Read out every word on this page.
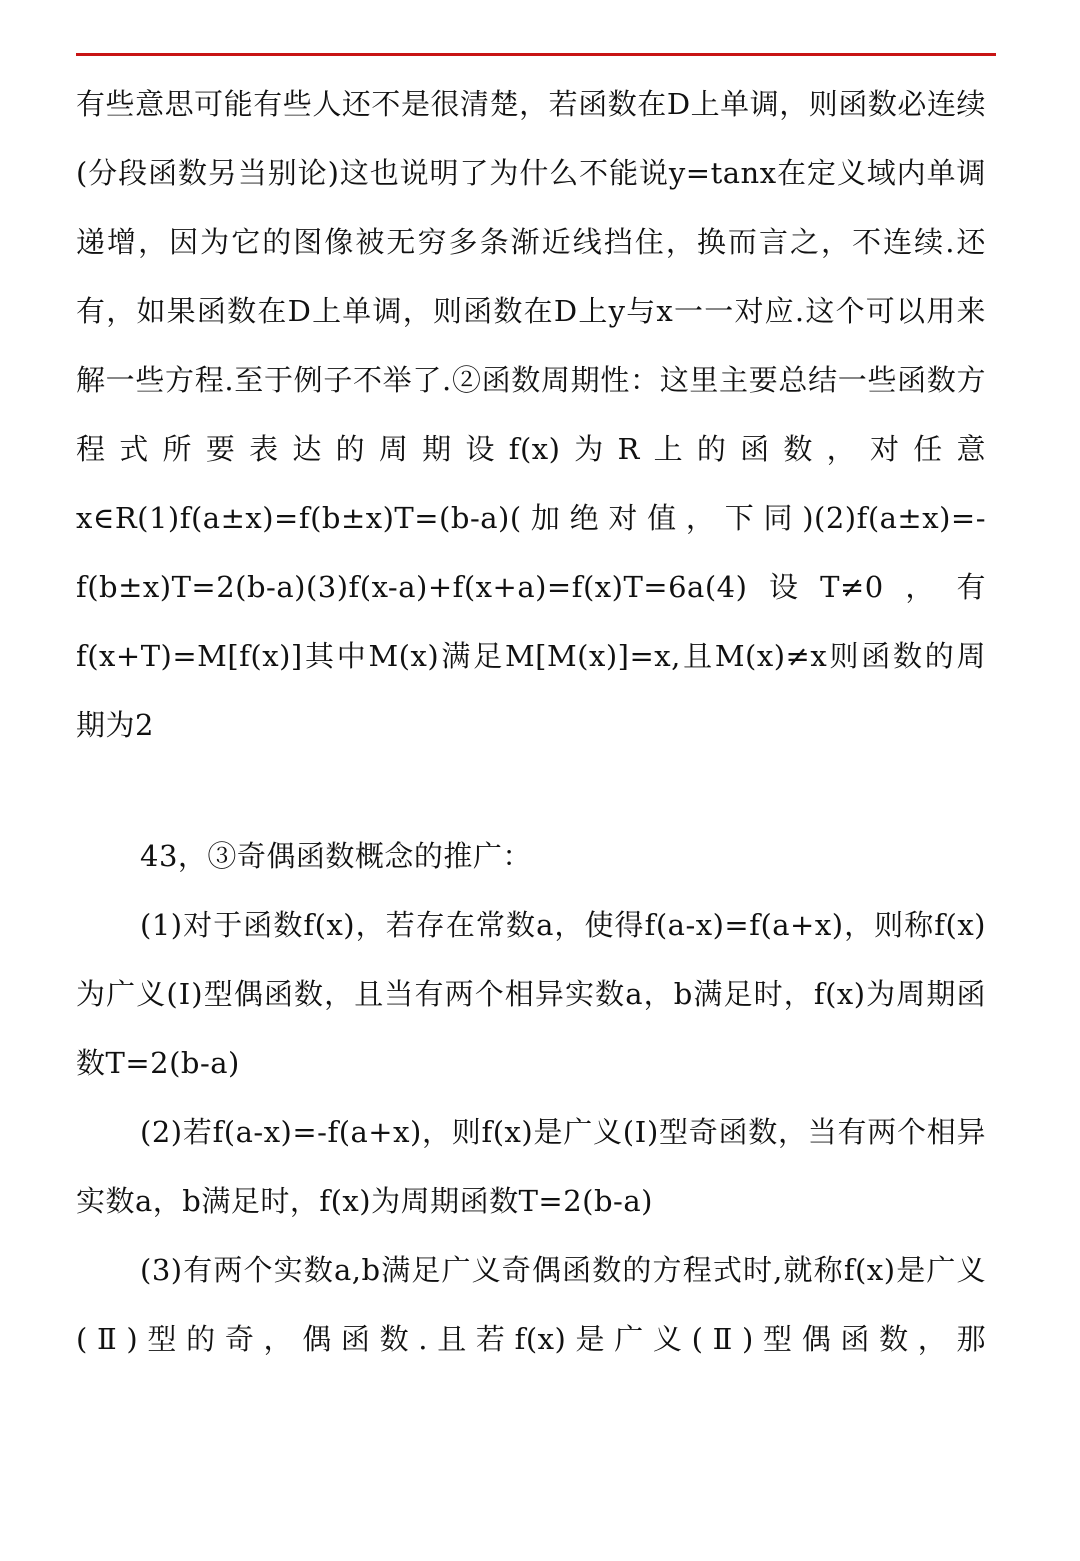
有些意思可能有些人还不是很清楚，若函数在D上单调，则函数必连续(分段函数另当别论)这也说明了为什么不能说y=tanx在定义域内单调递增，因为它的图像被无穷多条渐近线挡住，换而言之，不连续.还有，如果函数在D上单调，则函数在D上y与x一一对应.这个可以用来解一些方程.至于例子不举了.②函数周期性：这里主要总结一些函数方程式所要表达的周期设f(x)为R上的函数，对任意x∈R(1)f(a±x)=f(b±x)T=(b-a)(加绝对值，下同)(2)f(a±x)=-f(b±x)T=2(b-a)(3)f(x-a)+f(x+a)=f(x)T=6a(4)设T≠0，有f(x+T)=M[f(x)]其中M(x)满足M[M(x)]=x,且M(x)≠x则函数的周期为2

43，③奇偶函数概念的推广：

(1)对于函数f(x)，若存在常数a，使得f(a-x)=f(a+x)，则称f(x)为广义(Ⅰ)型偶函数，且当有两个相异实数a，b满足时，f(x)为周期函数T=2(b-a)

(2)若f(a-x)=-f(a+x)，则f(x)是广义(Ⅰ)型奇函数，当有两个相异实数a，b满足时，f(x)为周期函数T=2(b-a)

(3)有两个实数a,b满足广义奇偶函数的方程式时,就称f(x)是广义(Ⅱ)型的奇，偶函数.且若f(x)是广义(Ⅱ)型偶函数，那
